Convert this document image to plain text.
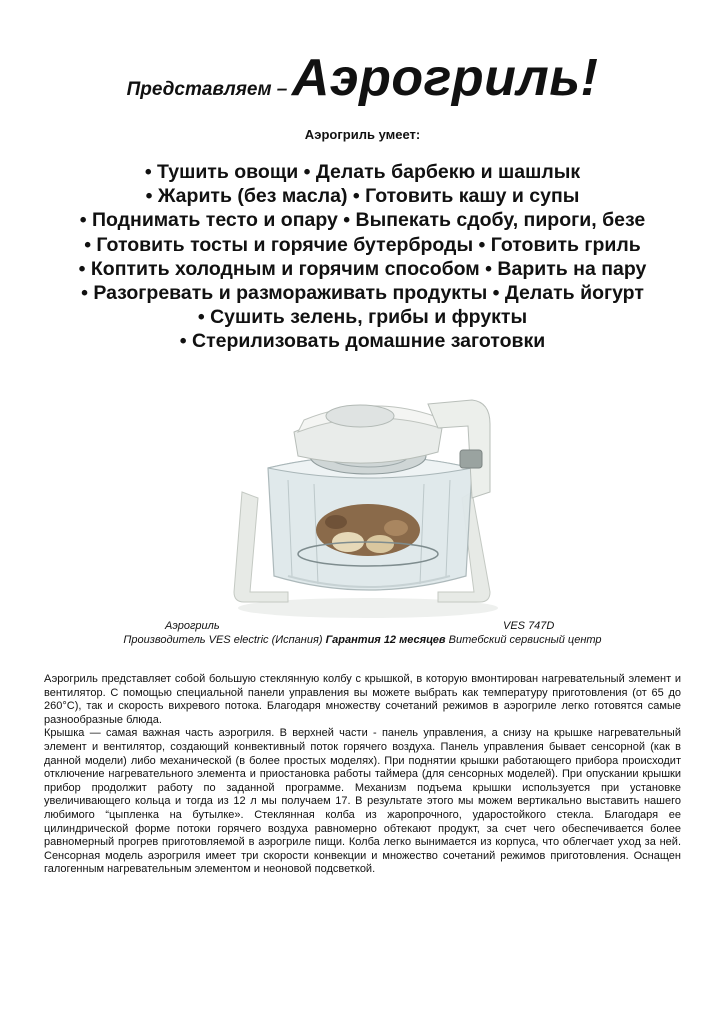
Представляем – Аэрогриль!
Аэрогриль умеет:
• Тушить овощи • Делать барбекю и шашлык
• Жарить (без масла) • Готовить кашу и супы
• Поднимать тесто и опару • Выпекать сдобу, пироги, безе
• Готовить тосты и горячие бутерброды • Готовить гриль
• Коптить холодным и горячим способом • Варить на пару
• Разогревать и размораживать продукты • Делать йогурт
• Сушить зелень, грибы и фрукты
• Стерилизовать домашние заготовки
Аэрогриль	VES 747D
Производитель VES electric (Испания) Гарантия 12 месяцев Витебский сервисный центр

Аэрогриль представляет собой большую стеклянную колбу с крышкой, в которую вмонтирован нагревательный элемент и вентилятор. С помощью специальной панели управления вы можете выбрать как температуру приготовления (от 65 до 260°С), так и скорость вихревого потока. Благодаря множеству сочетаний режимов в аэрогриле легко готовятся самые разнообразные блюда.

Крышка — самая важная часть аэрогриля. В верхней части - панель управления, а снизу на крышке нагревательный элемент и вентилятор, создающий конвективный поток горячего воздуха. Панель управления бывает сенсорной (как в данной модели) либо механической (в более простых моделях). При поднятии крышки работающего прибора происходит отключение нагревательного элемента и приостановка работы таймера (для сенсорных моделей). При опускании крышки прибор продолжит работу по заданной программе. Механизм подъема крышки используется при установке увеличивающего кольца и тогда из 12 л мы получаем 17. В результате этого мы можем вертикально выставить нашего любимого “цыпленка на бутылке». Стеклянная колба из жаропрочного, ударостойкого стекла. Благодаря ее цилиндрической форме потоки горячего воздуха равномерно обтекают продукт, за счет чего обеспечивается более равномерный прогрев приготовляемой в аэрогриле пищи. Колба легко вынимается из корпуса, что облегчает уход за ней. Сенсорная модель аэрогриля имеет три скорости конвекции и множество сочетаний режимов приготовления. Оснащен галогенным нагревательным элементом и неоновой подсветкой.
